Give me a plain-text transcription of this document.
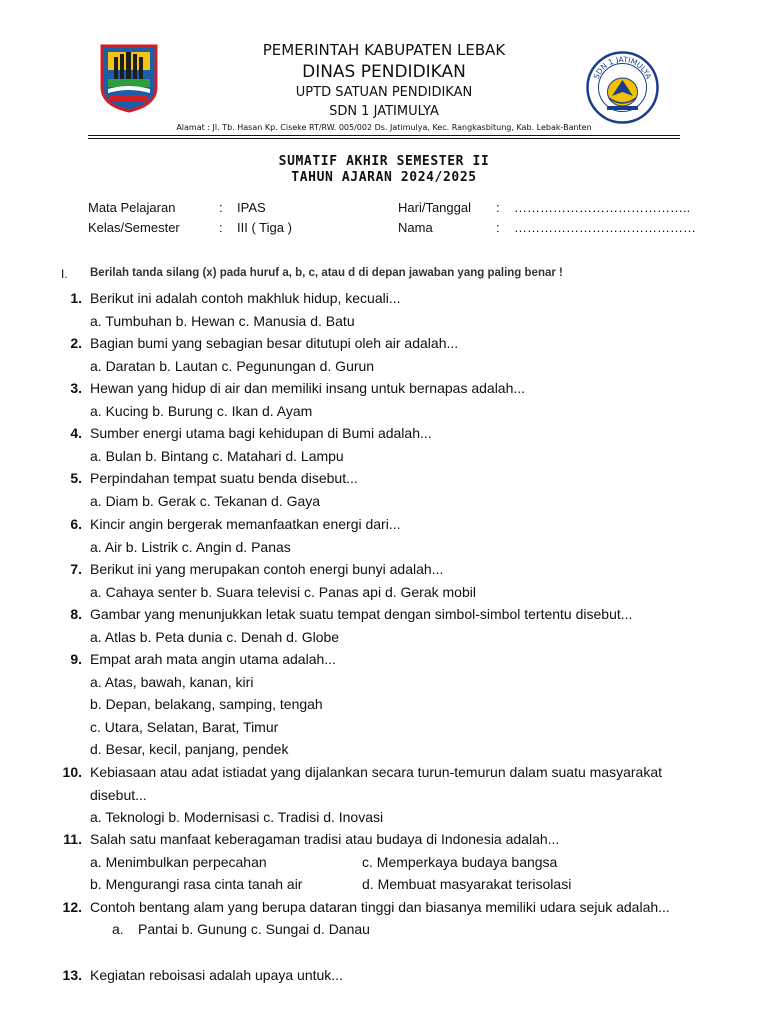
SDN 1 JATIMULYA
PEMERINTAH KABUPATEN LEBAK
DINAS PENDIDIKAN
UPTD SATUAN PENDIDIKAN
SDN 1 JATIMULYA
Alamat : Jl. Tb. Hasan Kp. Ciseke RT/RW. 005/002 Ds. Jatimulya, Kec. Rangkasbitung, Kab. Lebak-Banten
SUMATIF AKHIR SEMESTER II
TAHUN AJARAN 2024/2025
Mata Pelajaran	: IPAS	Hari/Tanggal : …………………………………..
Kelas/Semester	: III ( Tiga )	Nama	: ……………………………………
I. Berilah tanda silang (x) pada huruf a, b, c, atau d di depan jawaban yang paling benar !
1. Berikut ini adalah contoh makhluk hidup, kecuali...
a. Tumbuhan b. Hewan c. Manusia d. Batu
2. Bagian bumi yang sebagian besar ditutupi oleh air adalah...
a. Daratan b. Lautan c. Pegunungan d. Gurun
3. Hewan yang hidup di air dan memiliki insang untuk bernapas adalah...
a. Kucing b. Burung c. Ikan d. Ayam
4. Sumber energi utama bagi kehidupan di Bumi adalah...
a. Bulan b. Bintang c. Matahari d. Lampu
5. Perpindahan tempat suatu benda disebut...
a. Diam b. Gerak c. Tekanan d. Gaya
6. Kincir angin bergerak memanfaatkan energi dari...
a. Air b. Listrik c. Angin d. Panas
7. Berikut ini yang merupakan contoh energi bunyi adalah...
a. Cahaya senter b. Suara televisi c. Panas api d. Gerak mobil
8. Gambar yang menunjukkan letak suatu tempat dengan simbol-simbol tertentu disebut...
a. Atlas b. Peta dunia c. Denah d. Globe
9. Empat arah mata angin utama adalah...
a. Atas, bawah, kanan, kiri
b. Depan, belakang, samping, tengah
c. Utara, Selatan, Barat, Timur
d. Besar, kecil, panjang, pendek
10. Kebiasaan atau adat istiadat yang dijalankan secara turun-temurun dalam suatu masyarakat
disebut...
a. Teknologi b. Modernisasi c. Tradisi d. Inovasi
11. Salah satu manfaat keberagaman tradisi atau budaya di Indonesia adalah...
a. Menimbulkan perpecahan	c. Memperkaya budaya bangsa
b. Mengurangi rasa cinta tanah air	d. Membuat masyarakat terisolasi
12. Contoh bentang alam yang berupa dataran tinggi dan biasanya memiliki udara sejuk adalah...
a. Pantai b. Gunung c. Sungai d. Danau
13. Kegiatan reboisasi adalah upaya untuk...
